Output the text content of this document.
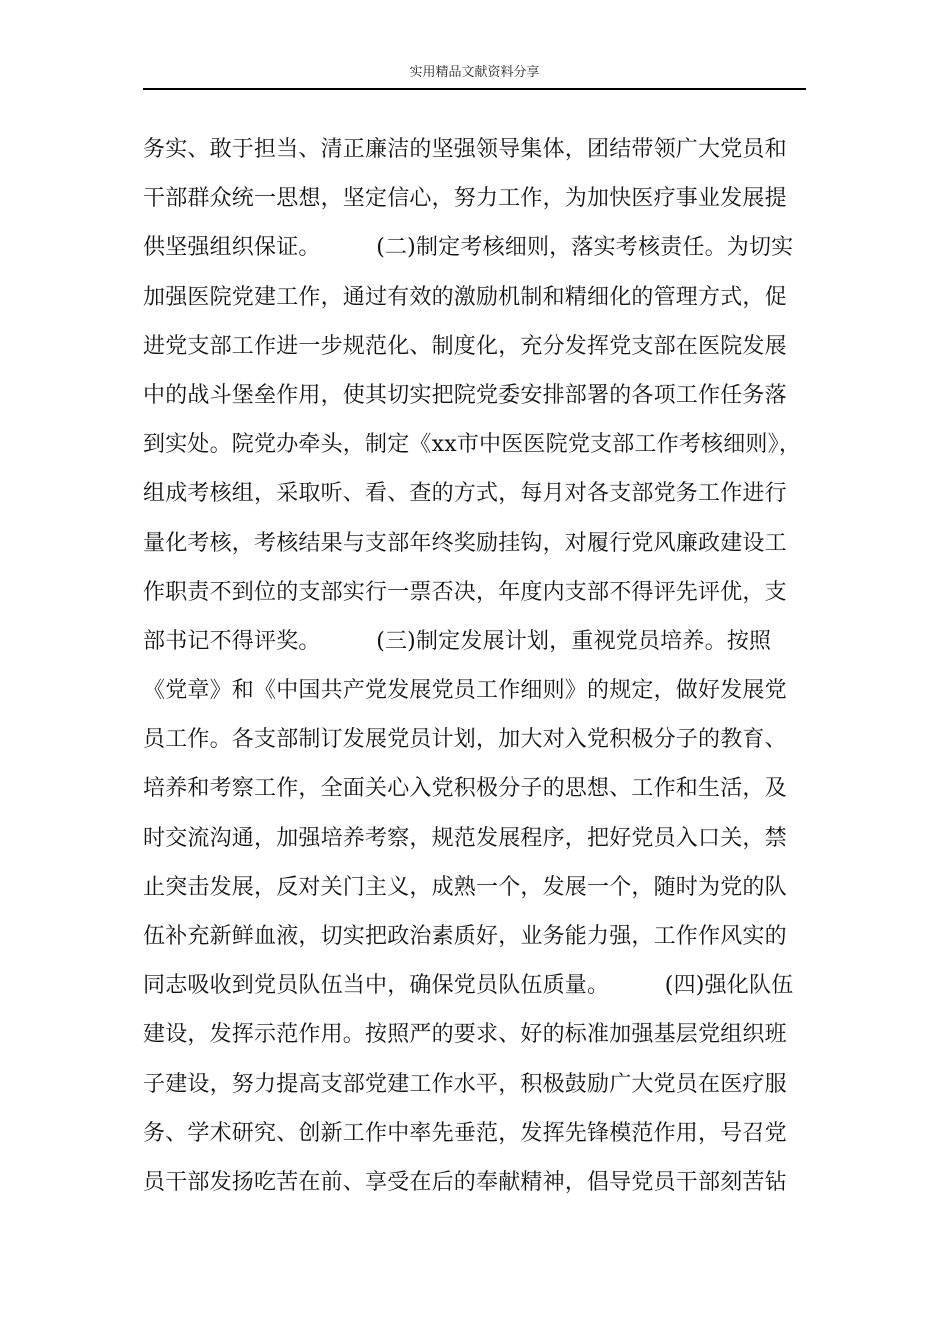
实用精品文献资料分享
务实、敢于担当、清正廉洁的坚强领导集体，团结带领广大党员和
干部群众统一思想，坚定信心，努力工作，为加快医疗事业发展提
供坚强组织保证。　　　(二)制定考核细则，落实考核责任。为切实
加强医院党建工作，通过有效的激励机制和精细化的管理方式，促
进党支部工作进一步规范化、制度化，充分发挥党支部在医院发展
中的战斗堡垒作用，使其切实把院党委安排部署的各项工作任务落
到实处。院党办牵头，制定《xx市中医医院党支部工作考核细则》，
组成考核组，采取听、看、查的方式，每月对各支部党务工作进行
量化考核，考核结果与支部年终奖励挂钩，对履行党风廉政建设工
作职责不到位的支部实行一票否决，年度内支部不得评先评优，支
部书记不得评奖。　　　(三)制定发展计划，重视党员培养。按照
《党章》和《中国共产党发展党员工作细则》的规定，做好发展党
员工作。各支部制订发展党员计划，加大对入党积极分子的教育、
培养和考察工作，全面关心入党积极分子的思想、工作和生活，及
时交流沟通，加强培养考察，规范发展程序，把好党员入口关，禁
止突击发展，反对关门主义，成熟一个，发展一个，随时为党的队
伍补充新鲜血液，切实把政治素质好，业务能力强，工作作风实的
同志吸收到党员队伍当中，确保党员队伍质量。　　　(四)强化队伍
建设，发挥示范作用。按照严的要求、好的标准加强基层党组织班
子建设，努力提高支部党建工作水平，积极鼓励广大党员在医疗服
务、学术研究、创新工作中率先垂范，发挥先锋模范作用，号召党
员干部发扬吃苦在前、享受在后的奉献精神，倡导党员干部刻苦钻
